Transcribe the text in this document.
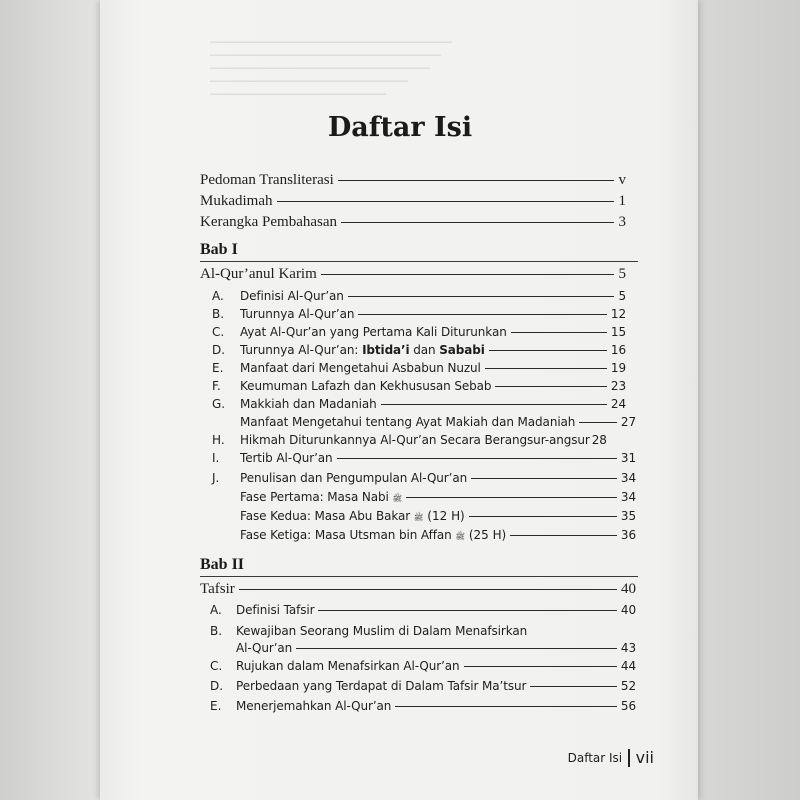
——————————————————————
—————————————————————
————————————————————
——————————————————
————————————————
Daftar Isi
Pedoman Transliterasi	v
Mukadimah	1
Kerangka Pembahasan	3
Bab I
Al-Qur’anul Karim	5
A. Definisi Al-Qur’an	5
B. Turunnya Al-Qur’an	12
C. Ayat Al-Qur’an yang Pertama Kali Diturunkan	15
D. Turunnya Al-Qur’an: Ibtida’i dan Sababi	16
E. Manfaat dari Mengetahui Asbabun Nuzul	19
F. Keumuman Lafazh dan Kekhususan Sebab	23
G. Makkiah dan Madaniah	24
Manfaat Mengetahui tentang Ayat Makiah dan Madaniah	27
H. Hikmah Diturunkannya Al-Qur’an Secara Berangsur-angsur 28
I. Tertib Al-Qur’an	31
J. Penulisan dan Pengumpulan Al-Qur’an	34
Fase Pertama: Masa Nabi ﷺ	34
Fase Kedua: Masa Abu Bakar ﷺ (12 H)	35
Fase Ketiga: Masa Utsman bin Affan ﷺ (25 H)	36
Bab II
Tafsir	40
A. Definisi Tafsir	40
B. Kewajiban Seorang Muslim di Dalam Menafsirkan
Al-Qur’an	43
C. Rujukan dalam Menafsirkan Al-Qur’an	44
D. Perbedaan yang Terdapat di Dalam Tafsir Ma’tsur	52
E. Menerjemahkan Al-Qur’an	56
Daftar Isi vii
